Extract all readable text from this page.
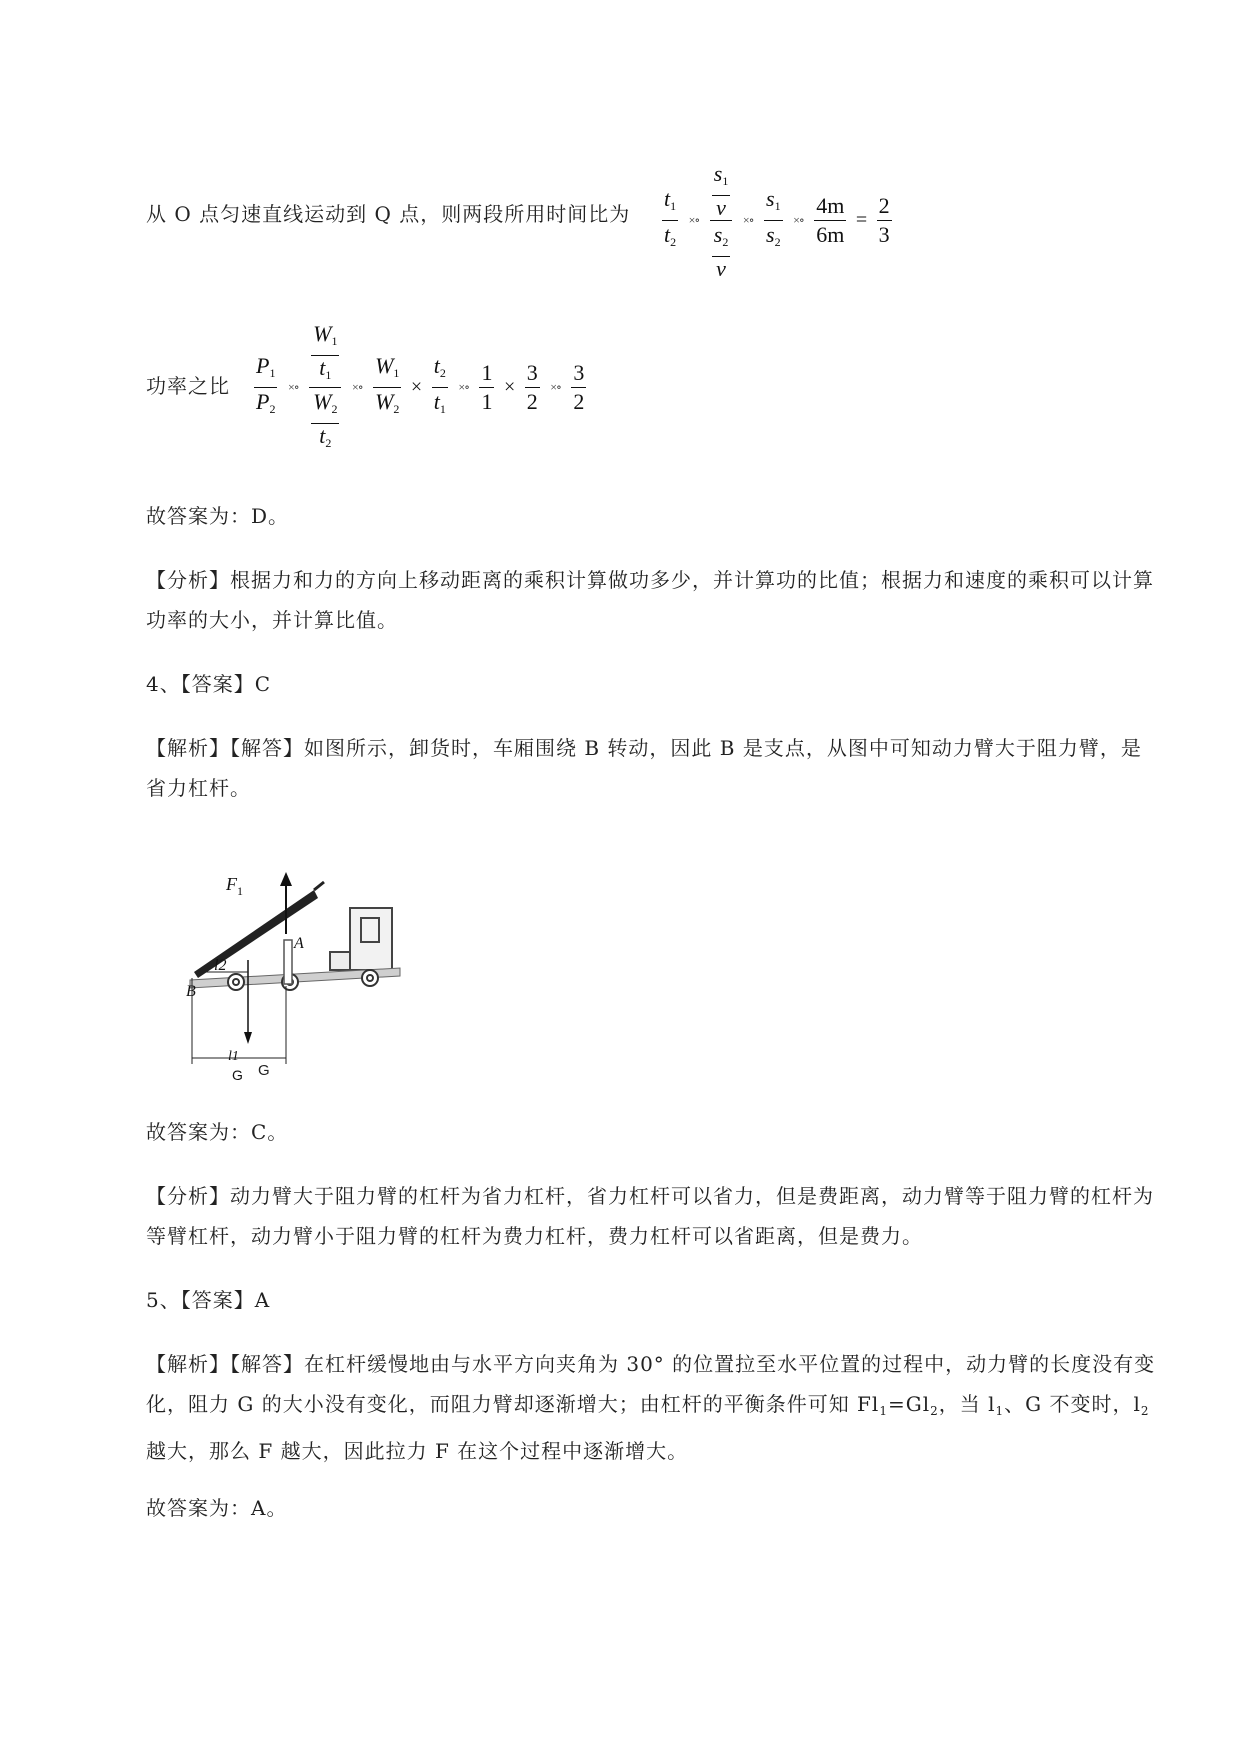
从 O 点匀速直线运动到 Q 点，则两段所用时间比为	$\frac{t_1}{t_2}$ ×∘ $\frac{\frac{s_1}{v}}{\frac{s_2}{v}}$ ×∘ $\frac{s_1}{s_2}$ ×∘ $\frac{4m}{6m} = \frac{2}{3}$

功率之比	$\frac{P_1}{P_2}$ ×∘ $\frac{\frac{W_1}{t_1}}{\frac{W_2}{t_2}}$ ×∘ $\frac{W_1}{W_2} \times \frac{t_2}{t_1}$ ×∘ $\frac{1}{1} \times \frac{3}{2}$ ×∘ $\frac{3}{2}$

故答案为：D。

【分析】根据力和力的方向上移动距离的乘积计算做功多少，并计算功的比值；根据力和速度的乘积可以计算功率的大小，并计算比值。

4、【答案】C

【解析】【解答】如图所示，卸货时，车厢围绕 B 转动，因此 B 是支点，从图中可知动力臂大于阻力臂，是省力杠杆。

$F_1$
A
B
l2
l1
G G

故答案为：C。

【分析】动力臂大于阻力臂的杠杆为省力杠杆，省力杠杆可以省力，但是费距离，动力臂等于阻力臂的杠杆为等臂杠杆，动力臂小于阻力臂的杠杆为费力杠杆，费力杠杆可以省距离，但是费力。

5、【答案】A

【解析】【解答】在杠杆缓慢地由与水平方向夹角为 30° 的位置拉至水平位置的过程中，动力臂的长度没有变化，阻力 G 的大小没有变化，而阻力臂却逐渐增大；由杠杆的平衡条件可知 $Fl_1=Gl_2$，当 $l_1$、G 不变时，$l_2$越大，那么 F 越大，因此拉力 F 在这个过程中逐渐增大。

故答案为：A。
